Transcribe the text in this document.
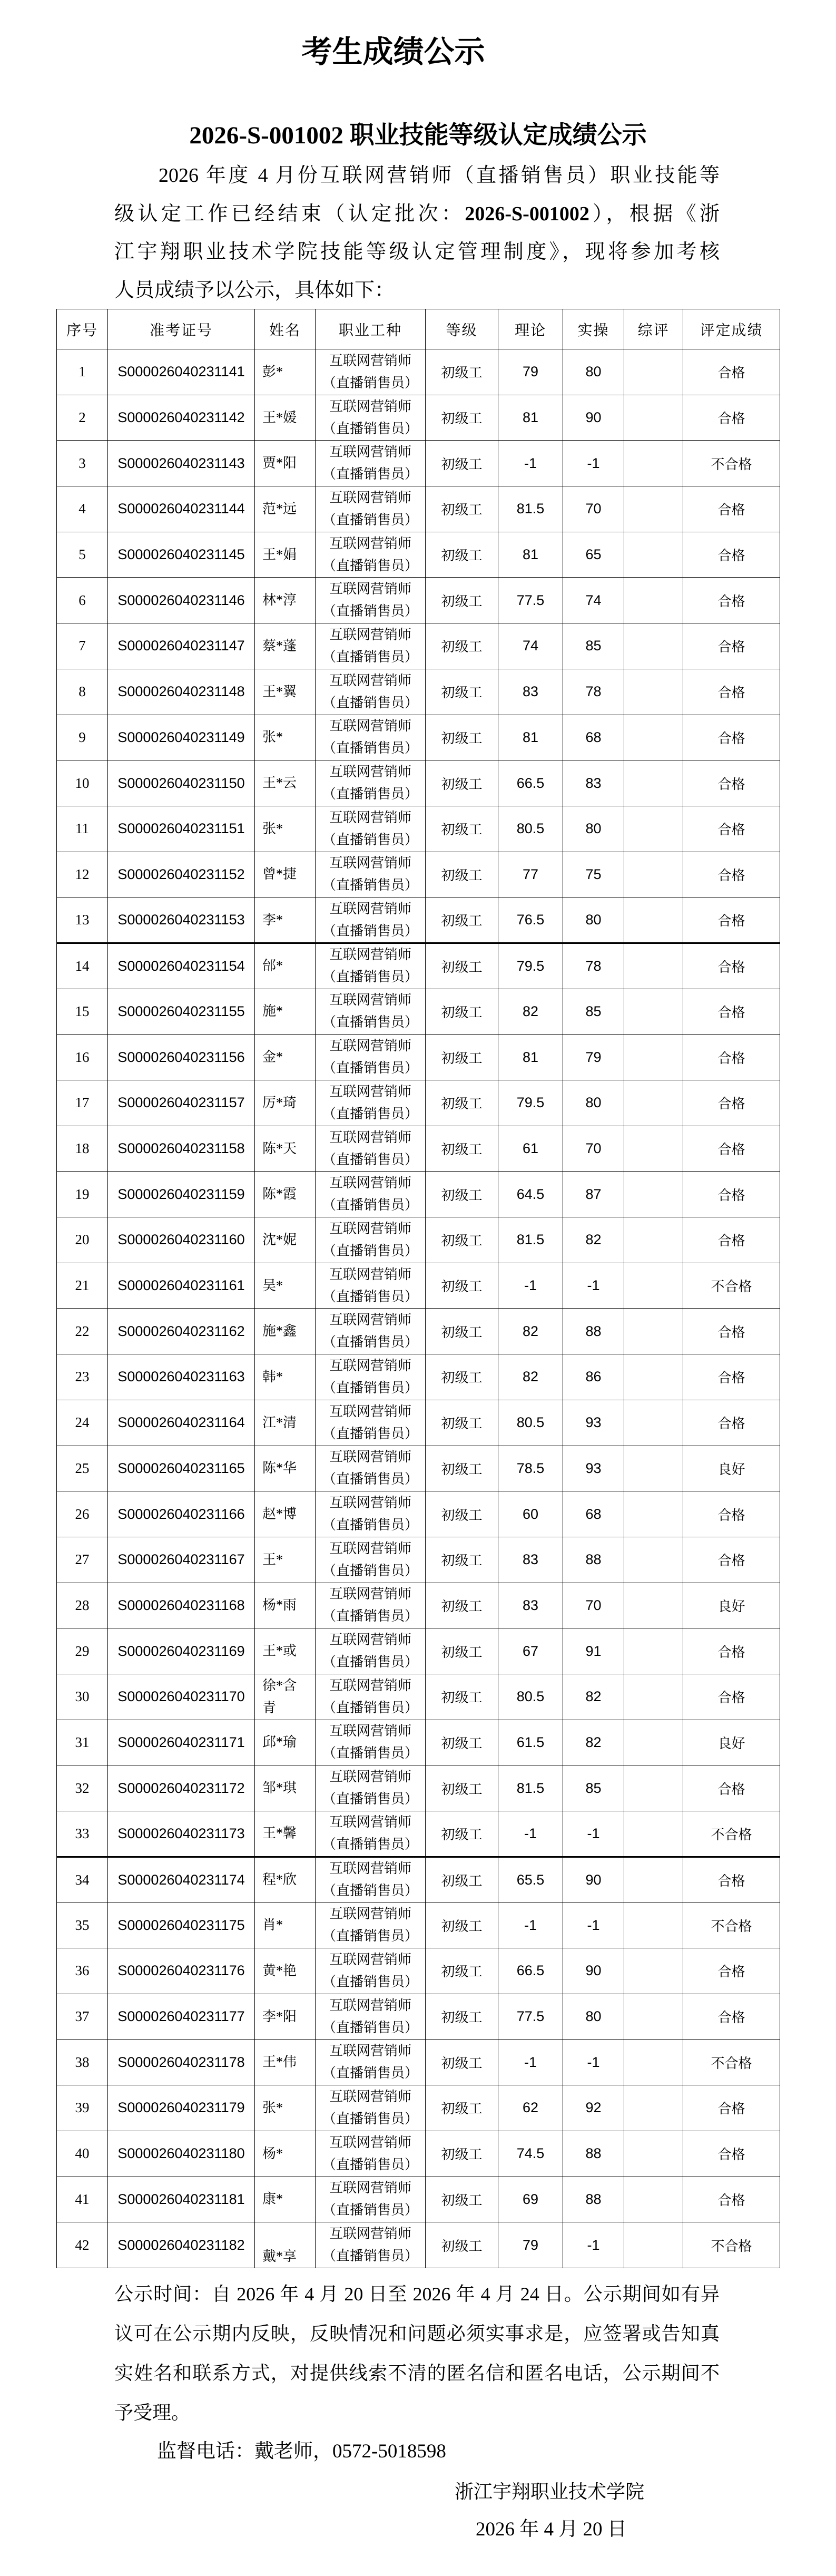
考生成绩公示
2026-S-001002 职业技能等级认定成绩公示
2026 年度 4 月份互联网营销师（直播销售员）职业技能等
级认定工作已经结束（认定批次：2026-S-001002），根据《浙
江宇翔职业技术学院技能等级认定管理制度》，现将参加考核
人员成绩予以公示，具体如下：
序号	准考证号	姓名	职业工种	等级	理论	实操	综评	评定成绩
1	S000026040231141	彭*	互联网营销师
（直播销售员）	初级工	79	80		合格
2	S000026040231142	王*媛	互联网营销师
（直播销售员）	初级工	81	90		合格
3	S000026040231143	贾*阳	互联网营销师
（直播销售员）	初级工	-1	-1		不合格
4	S000026040231144	范*远	互联网营销师
（直播销售员）	初级工	81.5	70		合格
5	S000026040231145	王*娟	互联网营销师
（直播销售员）	初级工	81	65		合格
6	S000026040231146	林*淳	互联网营销师
（直播销售员）	初级工	77.5	74		合格
7	S000026040231147	蔡*蓬	互联网营销师
（直播销售员）	初级工	74	85		合格
8	S000026040231148	王*翼	互联网营销师
（直播销售员）	初级工	83	78		合格
9	S000026040231149	张*	互联网营销师
（直播销售员）	初级工	81	68		合格
10	S000026040231150	王*云	互联网营销师
（直播销售员）	初级工	66.5	83		合格
11	S000026040231151	张*	互联网营销师
（直播销售员）	初级工	80.5	80		合格
12	S000026040231152	曾*捷	互联网营销师
（直播销售员）	初级工	77	75		合格
13	S000026040231153	李*	互联网营销师
（直播销售员）	初级工	76.5	80		合格
14	S000026040231154	邰*	互联网营销师
（直播销售员）	初级工	79.5	78		合格
15	S000026040231155	施*	互联网营销师
（直播销售员）	初级工	82	85		合格
16	S000026040231156	金*	互联网营销师
（直播销售员）	初级工	81	79		合格
17	S000026040231157	厉*琦	互联网营销师
（直播销售员）	初级工	79.5	80		合格
18	S000026040231158	陈*天	互联网营销师
（直播销售员）	初级工	61	70		合格
19	S000026040231159	陈*霞	互联网营销师
（直播销售员）	初级工	64.5	87		合格
20	S000026040231160	沈*妮	互联网营销师
（直播销售员）	初级工	81.5	82		合格
21	S000026040231161	吴*	互联网营销师
（直播销售员）	初级工	-1	-1		不合格
22	S000026040231162	施*鑫	互联网营销师
（直播销售员）	初级工	82	88		合格
23	S000026040231163	韩*	互联网营销师
（直播销售员）	初级工	82	86		合格
24	S000026040231164	江*清	互联网营销师
（直播销售员）	初级工	80.5	93		合格
25	S000026040231165	陈*华	互联网营销师
（直播销售员）	初级工	78.5	93		良好
26	S000026040231166	赵*博	互联网营销师
（直播销售员）	初级工	60	68		合格
27	S000026040231167	王*	互联网营销师
（直播销售员）	初级工	83	88		合格
28	S000026040231168	杨*雨	互联网营销师
（直播销售员）	初级工	83	70		良好
29	S000026040231169	王*或	互联网营销师
（直播销售员）	初级工	67	91		合格
30	S000026040231170	徐*含青	互联网营销师
（直播销售员）	初级工	80.5	82		合格
31	S000026040231171	邱*瑜	互联网营销师
（直播销售员）	初级工	61.5	82		良好
32	S000026040231172	邹*琪	互联网营销师
（直播销售员）	初级工	81.5	85		合格
33	S000026040231173	王*馨	互联网营销师
（直播销售员）	初级工	-1	-1		不合格
34	S000026040231174	程*欣	互联网营销师
（直播销售员）	初级工	65.5	90		合格
35	S000026040231175	肖*	互联网营销师
（直播销售员）	初级工	-1	-1		不合格
36	S000026040231176	黄*艳	互联网营销师
（直播销售员）	初级工	66.5	90		合格
37	S000026040231177	李*阳	互联网营销师
（直播销售员）	初级工	77.5	80		合格
38	S000026040231178	王*伟	互联网营销师
（直播销售员）	初级工	-1	-1		不合格
39	S000026040231179	张*	互联网营销师
（直播销售员）	初级工	62	92		合格
40	S000026040231180	杨*	互联网营销师
（直播销售员）	初级工	74.5	88		合格
41	S000026040231181	康*	互联网营销师
（直播销售员）	初级工	69	88		合格
42	S000026040231182	戴*享	互联网营销师
（直播销售员）	初级工	79	-1		不合格
公示时间：自 2026 年 4 月 20 日至 2026 年 4 月 24 日。公示期间如有异
议可在公示期内反映，反映情况和问题必须实事求是，应签署或告知真
实姓名和联系方式，对提供线索不清的匿名信和匿名电话，公示期间不
予受理。
监督电话：戴老师，0572-5018598
浙江宇翔职业技术学院
2026 年 4 月 20 日
